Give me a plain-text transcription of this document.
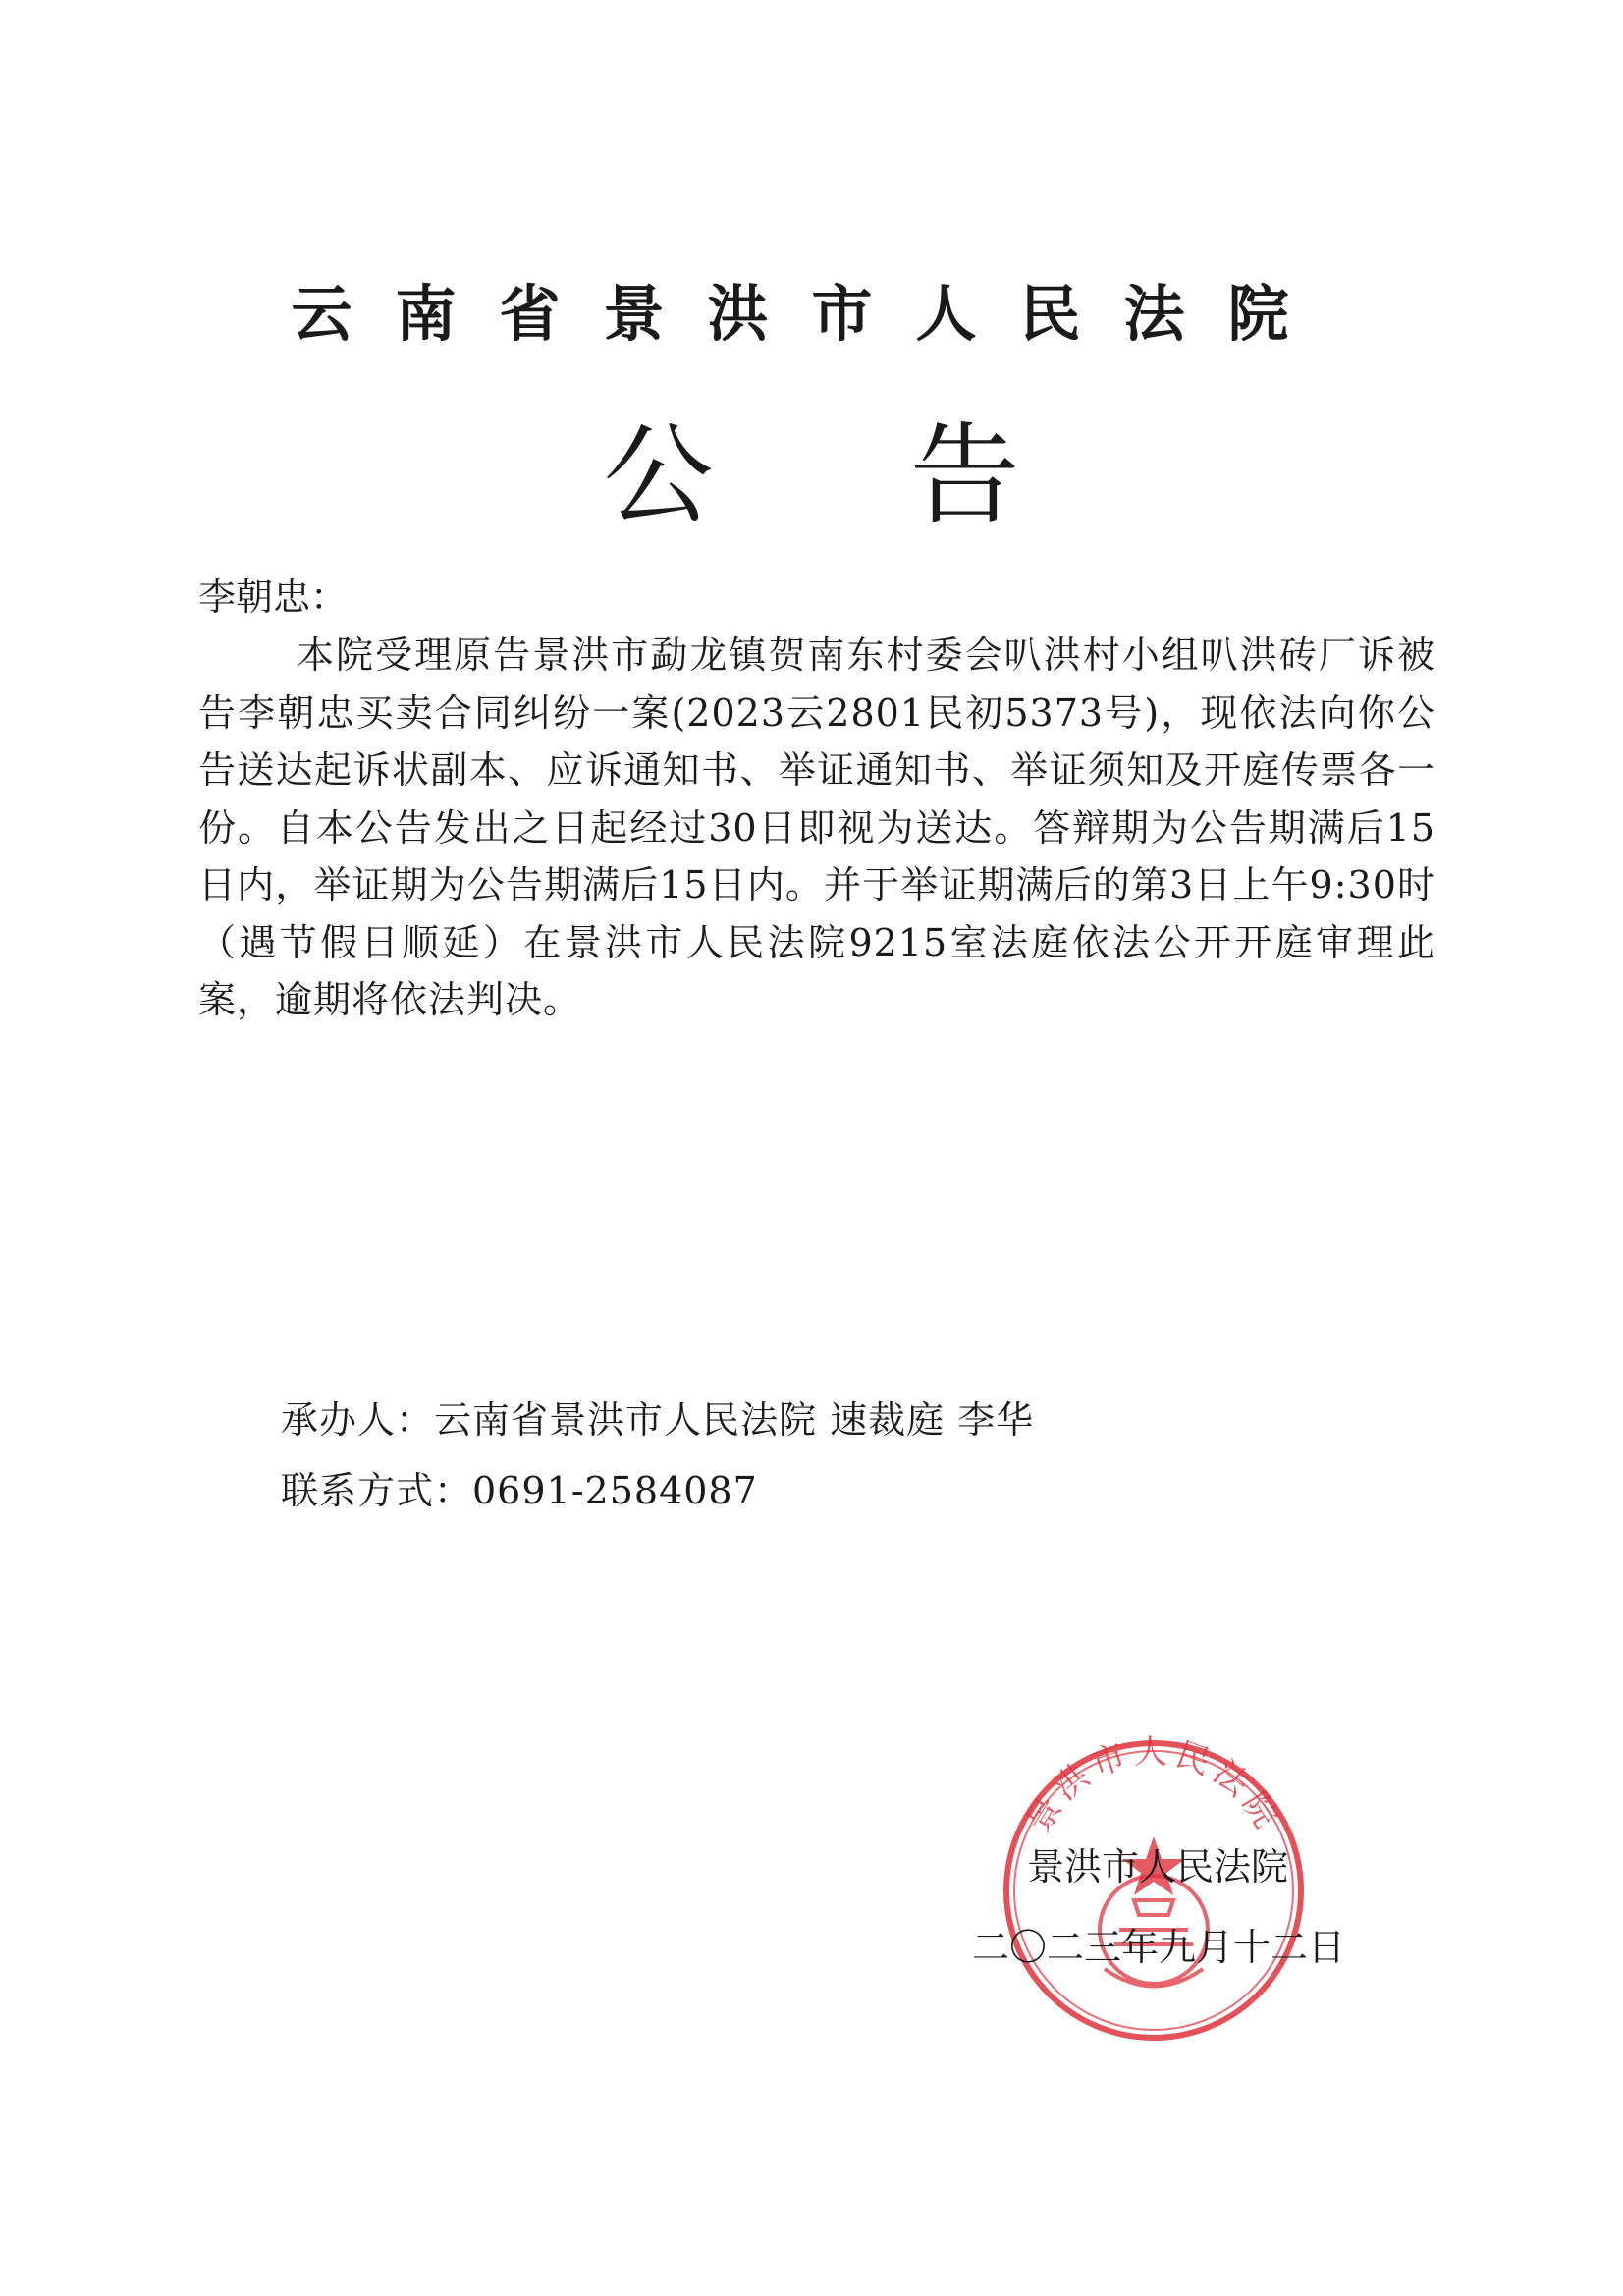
云南省景洪市人民法院
公告
李朝忠：
本院受理原告景洪市勐龙镇贺南东村委会叭洪村小组叭洪砖厂诉被告李朝忠买卖合同纠纷一案(2023云2801民初5373号)，现依法向你公告送达起诉状副本、应诉通知书、举证通知书、举证须知及开庭传票各一份。自本公告发出之日起经过30日即视为送达。答辩期为公告期满后15日内，举证期为公告期满后15日内。并于举证期满后的第3日上午9:30时（遇节假日顺延）在景洪市人民法院9215室法庭依法公开开庭审理此案，逾期将依法判决。
承办人：云南省景洪市人民法院 速裁庭 李华
联系方式：0691-2584087
景洪市人民法院
景洪市人民法院
二〇二三年九月十二日
